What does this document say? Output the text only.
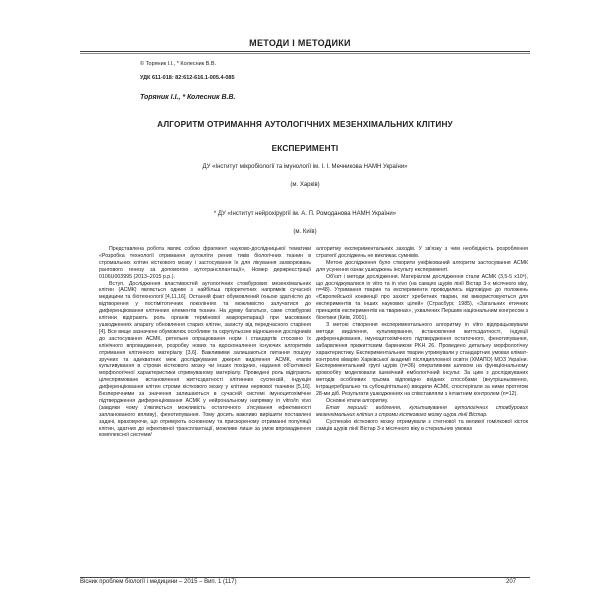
МЕТОДИ І МЕТОДИКИ
© Торяник І.І., * Колесник В.В.
УДК 611-018: 82:612-616.1-005.4-085
Торяник І.І., * Колесник В.В.
АЛГОРИТМ ОТРИМАННЯ АУТОЛОГІЧНИХ МЕЗЕНХІМАЛЬНИХ КЛІТИНУ
ЕКСПЕРИМЕНТІ
ДУ «Інститут мікробіології та імунології ім. І. І. Мечникова НАМН України»
(м. Харків)
* ДУ «Інститут нейрохірургії ім. А. П. Ромоданова НАМН України»
(м. Київ)

Представлена робота являє собою фрагмент науково-дослідницької тематики «Розробка технології отримання аутокліти рених тиків біологічних тканин в стромальних клітин кісткового мозку і застосування їх для лікування захворювань рангового генезу за допомогою аутотрансплантації», Номер держреєстрації 0106U003995 (2013–2015 р.р.).

Вступ. Дослідження властивостей аутологічних стовбурових мезенхімальних клітин (АСМК) являється одним з найбільш пріоритетних напрямків сучасної медицини та біотехнології [4,11,16]. Останній факт обумовлений їхньою здатністю до відтворення у постімітотичних поколіннях та можливістю залучатися до диференціювання клітинних елементів тканин. На думку багатьох, саме стовбурові клітини відіграють роль органів термінової макрорепарації при масованих ушкодженнях апарату обновлення старих клітин, захисту від передчасного старіння [4]. Все вище зазначене обумовлює особливе та скрупульозне відношення дослідників до застосування АСМК, ретельне опрацювання норм і стандартів стосовно їх клінічного впровадження, розробку нових та вдосконалення існуючих алгоритмів отримання клітинного матеріалу [3,6]. Важливими залишаються питання пошуку зручних та адекватних меж досліджуваних джерел виділення АСМК, етапів культивування в строми кісткового мозку чи інших похідних, надання об'єктивної морфологічної характеристики отримуваному матеріалу. Проведені роль відіграють цілеспрямоване встановлення життєздатності клітинних суспензій, індукція диференціювання клітин строми кісткового мозку у клітини нервової тканини [5,16]. Безперечними за значення залишаються в сучасній системі імуноцитохімічне підтвердження диференціювання АСМК у нейрональному напрямку in vitro/in vivo (завдяки чому з'являється можливість остаточного з'ясування ефективності запланованого впливу), фенотипування. Тому досить важливо вирішити поставлені задачі, враховуючи, що отримують основному та прискореному отриманні популяції клітин, здатних до ефективної трансплантації, можливе лише за умов впровадження комплексної системи/

алгоритму експериментальних заходів. У зв'язку з чим необхідність розроблення стратегії досліджень не викликає сумнівів.

Метою дослідження було створити уніфікований алгоритм застосування АСМК для усунення ознак ушкоджень інсульту експерименті.

Об'єкт і методи дослідження. Матеріалом дослідження стали АСМК (3,5-5 х10⁶), що досліджувалися in vitro та in vivo (на самцях щурів лінії Вістар 3-х місячного віку, n=48). Утримання тварин та експерименти проводились відповідно до положень «Європейської конвенції про захист хребетних тварин, які використовуються для експериментів та інших наукових цілей» (Страсбург, 1985), «Загальних етичних принципів експериментів на тваринах», ухвалених Першим національним конгресом з біоетики (Київ, 2001).

З метою створення експериментального алгоритму in vitro відпрацьовували методи виділення, культивування, встановлення життєздатності, індукції диференціювання, імуноцитохімічного підтвердження остаточного, фенотипування, забарвлення прижиттєвим барвником PKH 26. Проведено детальну морфологічну характеристику. Експериментальних тварин утримували у стандартних умовах клімат-контролю віварію Харківської академії післядипломної освіти (ХМАПО) МОЗ України. Експериментальний групі щурів (n=36) оперативним шляхом на функціональному кровообігу моделювали ішемічний ембологічний інсульт. За цим з досліджуваних методів особливих трьома відповідно вхідних способами (внутрішньовенно, інтрацеребрально та субокціпітально) вводили АСМК, спостерігали за ними протягом 28-ми діб. Результати ушкодженнях на співставляли з інтактним контролем (n=12).

Основні етапи алгоритму.

Етап перший: виділення, культивування аутологічних стовбурових мезенхімальних клітин з строми кісткового мозку щура лінії Вістар.

Суспензію кісткового мозку отримували з стегнової та великої гомілкової кісток самців щурів лінії Вістар 3-х місячного віку в стерильних умовах

Вісник проблем біології і медицини – 2015 – Вип. 1 (117)	207
